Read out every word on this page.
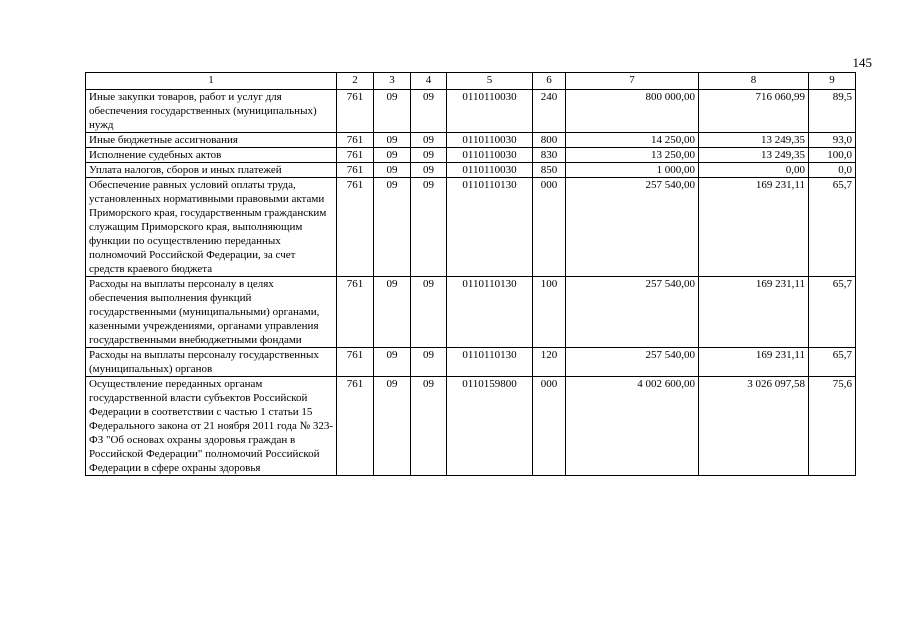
145
1	2	3	4	5	6	7	8	9
Иные закупки товаров, работ и услуг для обеспечения государственных (муниципальных) нужд	761	09	09	0110110030	240	800 000,00	716 060,99	89,5
Иные бюджетные ассигнования	761	09	09	0110110030	800	14 250,00	13 249,35	93,0
Исполнение судебных актов	761	09	09	0110110030	830	13 250,00	13 249,35	100,0
Уплата налогов, сборов и иных платежей	761	09	09	0110110030	850	1 000,00	0,00	0,0
Обеспечение равных условий оплаты труда, установленных нормативными правовыми актами Приморского края, государственным гражданским служащим Приморского края, выполняющим функции по осуществлению переданных полномочий Российской Федерации, за счет средств краевого бюджета	761	09	09	0110110130	000	257 540,00	169 231,11	65,7
Расходы на выплаты персоналу в целях обеспечения выполнения функций государственными (муниципальными) органами, казенными учреждениями, органами управления государственными внебюджетными фондами	761	09	09	0110110130	100	257 540,00	169 231,11	65,7
Расходы на выплаты персоналу государственных (муниципальных) органов	761	09	09	0110110130	120	257 540,00	169 231,11	65,7
Осуществление переданных органам государственной власти субъектов Российской Федерации в соответствии с частью 1 статьи 15 Федерального закона от 21 ноября 2011 года № 323-ФЗ "Об основах охраны здоровья граждан в Российской Федерации" полномочий Российской Федерации в сфере охраны здоровья	761	09	09	0110159800	000	4 002 600,00	3 026 097,58	75,6
